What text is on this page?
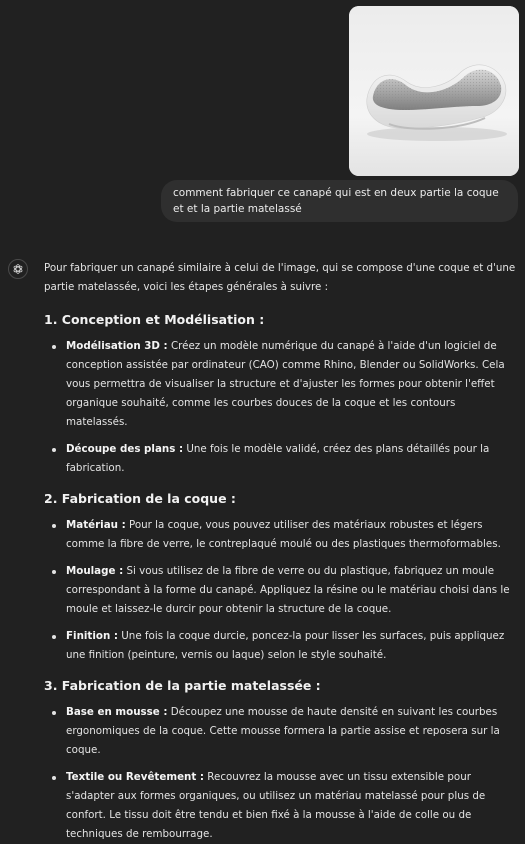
comment fabriquer ce canapé qui est en deux partie la coque et et la partie matelassé

Pour fabriquer un canapé similaire à celui de l'image, qui se compose d'une coque et d'une partie matelassée, voici les étapes générales à suivre :

1. Conception et Modélisation :
Modélisation 3D : Créez un modèle numérique du canapé à l'aide d'un logiciel de conception assistée par ordinateur (CAO) comme Rhino, Blender ou SolidWorks. Cela vous permettra de visualiser la structure et d'ajuster les formes pour obtenir l'effet organique souhaité, comme les courbes douces de la coque et les contours matelassés.
Découpe des plans : Une fois le modèle validé, créez des plans détaillés pour la fabrication.
2. Fabrication de la coque :
Matériau : Pour la coque, vous pouvez utiliser des matériaux robustes et légers comme la fibre de verre, le contreplaqué moulé ou des plastiques thermoformables.
Moulage : Si vous utilisez de la fibre de verre ou du plastique, fabriquez un moule correspondant à la forme du canapé. Appliquez la résine ou le matériau choisi dans le moule et laissez-le durcir pour obtenir la structure de la coque.
Finition : Une fois la coque durcie, poncez-la pour lisser les surfaces, puis appliquez une finition (peinture, vernis ou laque) selon le style souhaité.
3. Fabrication de la partie matelassée :
Base en mousse : Découpez une mousse de haute densité en suivant les courbes ergonomiques de la coque. Cette mousse formera la partie assise et reposera sur la coque.
Textile ou Revêtement : Recouvrez la mousse avec un tissu extensible pour s'adapter aux formes organiques, ou utilisez un matériau matelassé pour plus de confort. Le tissu doit être tendu et bien fixé à la mousse à l'aide de colle ou de techniques de rembourrage.
